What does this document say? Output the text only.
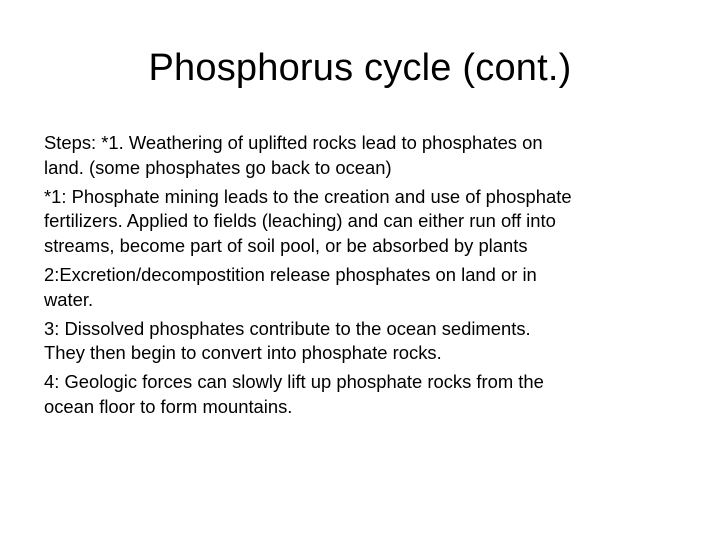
Phosphorus cycle (cont.)

Steps: *1. Weathering of uplifted rocks lead to phosphates on
land. (some phosphates go back to ocean)

*1: Phosphate mining leads to the creation and use of phosphate
fertilizers. Applied to fields (leaching) and can either run off into
streams, become part of soil pool, or be absorbed by plants

2:Excretion/decompostition release phosphates on land or in
water.

3: Dissolved phosphates contribute to the ocean sediments.
They then begin to convert into phosphate rocks.

4: Geologic forces can slowly lift up phosphate rocks from the
ocean floor to form mountains.
